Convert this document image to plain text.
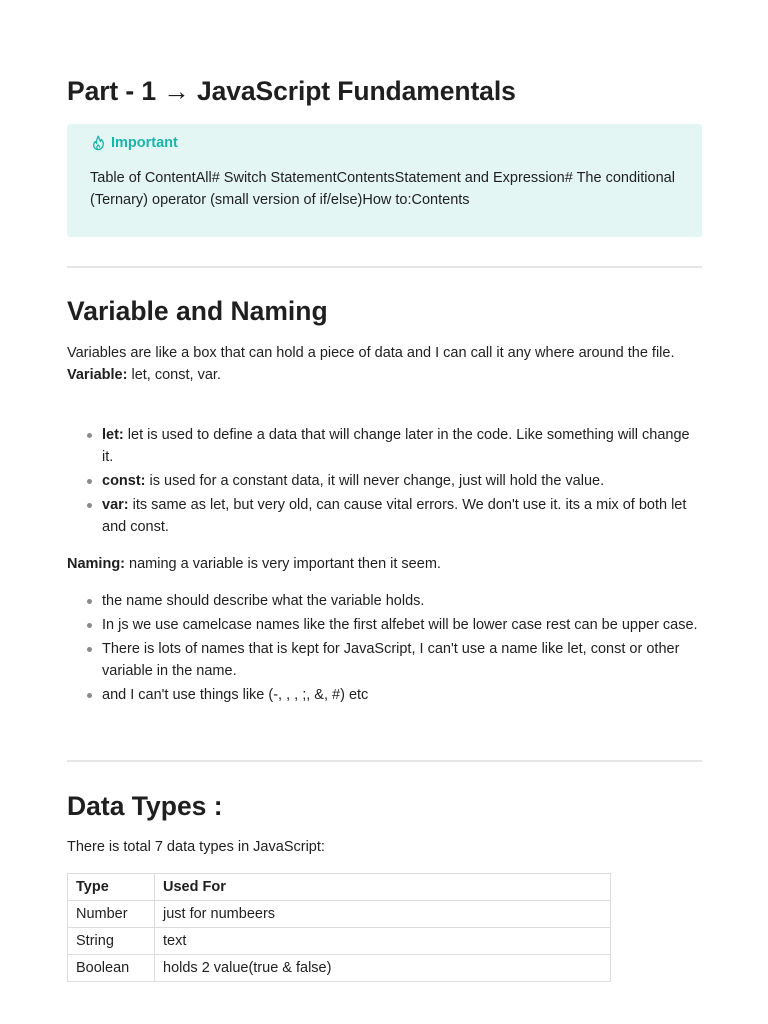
Part - 1 → JavaScript Fundamentals
Important
Table of ContentAll# Switch StatementContentsStatement and Expression# The conditional (Ternary) operator (small version of if/else)How to:Contents
Variable and Naming

Variables are like a box that can hold a piece of data and I can call it any where around the file.
Variable: let, const, var.

let: let is used to define a data that will change later in the code. Like something will change it.
const: is used for a constant data, it will never change, just will hold the value.
var: its same as let, but very old, can cause vital errors. We don't use it. its a mix of both let and const.

Naming: naming a variable is very important then it seem.

the name should describe what the variable holds.
In js we use camelcase names like the first alfebet will be lower case rest can be upper case.
There is lots of names that is kept for JavaScript, I can't use a name like let, const or other variable in the name.
and I can't use things like (-, , , ;, &, #) etc
Data Types :

There is total 7 data types in JavaScript:

Type	Used For
Number	just for numbeers
String	text
Boolean	holds 2 value(true & false)
